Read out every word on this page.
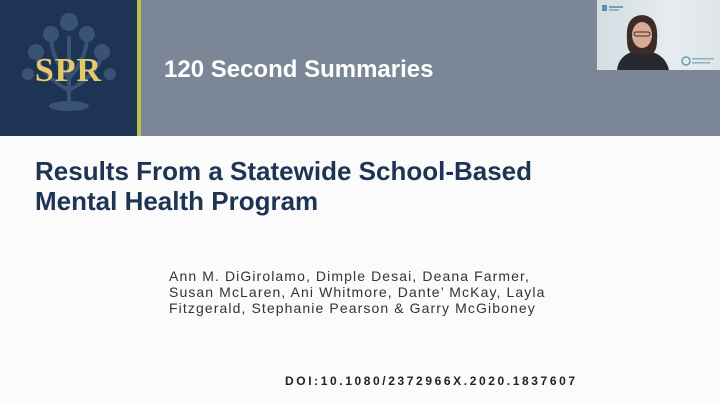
SPR	120 Second Summaries
Results From a Statewide School-Based
Mental Health Program
Ann M. DiGirolamo, Dimple Desai, Deana Farmer,
Susan McLaren, Ani Whitmore, Dante’ McKay, Layla
Fitzgerald, Stephanie Pearson & Garry McGiboney
DOI:10.1080/2372966X.2020.1837607
